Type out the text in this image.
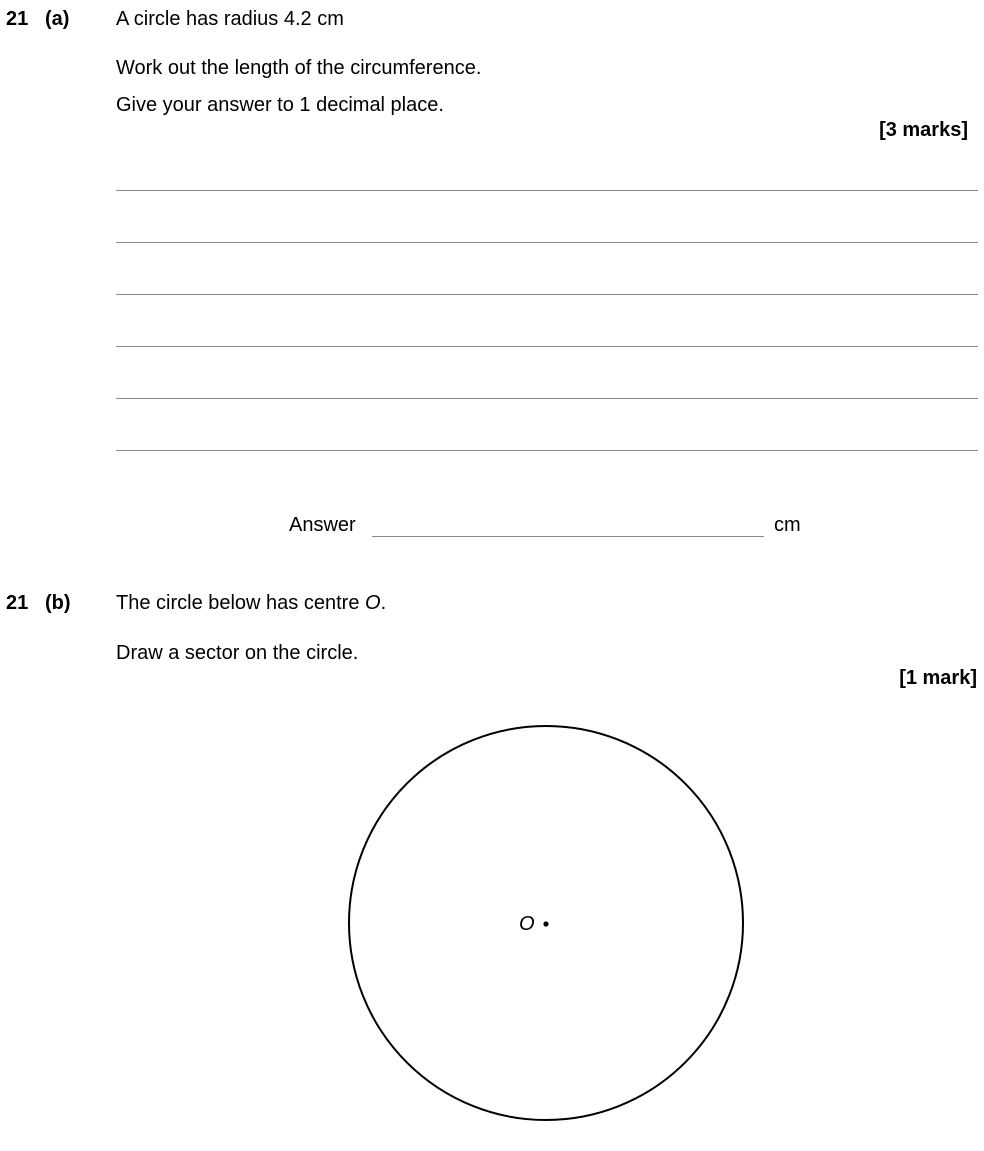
21 (a) A circle has radius 4.2 cm
Work out the length of the circumference.
Give your answer to 1 decimal place.
[3 marks]
Answer	cm
21 (b) The circle below has centre O.
Draw a sector on the circle.
[1 mark]
O
